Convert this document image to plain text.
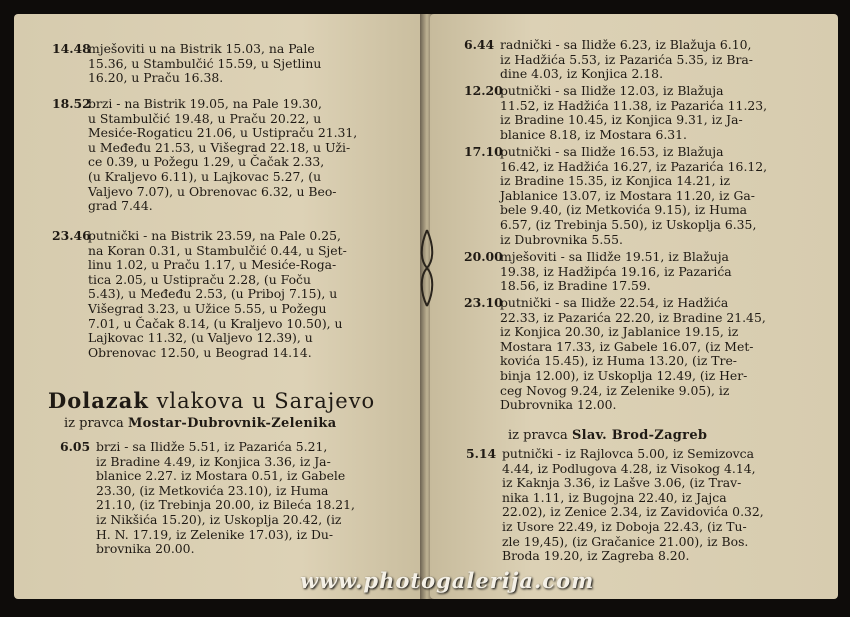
14.48
mješoviti u na Bistrik 15.03, na Pale
15.36, u Stambulčić 15.59, u Sjetlinu
16.20, u Praču 16.38.
18.52
brzi - na Bistrik 19.05, na Pale 19.30,
u Stambulčić 19.48, u Praču 20.22, u
Mesiće-Rogaticu 21.06, u Ustipraču 21.31,
u Međeđu 21.53, u Višegrad 22.18, u Uži-
ce 0.39, u Požegu 1.29, u Čačak 2.33,
(u Kraljevo 6.11), u Lajkovac 5.27, (u
Valjevo 7.07), u Obrenovac 6.32, u Beo-
grad 7.44.
23.46
putnički - na Bistrik 23.59, na Pale 0.25,
na Koran 0.31, u Stambulčić 0.44, u Sjet-
linu 1.02, u Praču 1.17, u Mesiće-Roga-
tica 2.05, u Ustipraču 2.28, (u Foču
5.43), u Međeđu 2.53, (u Priboj 7.15), u
Višegrad 3.23, u Užice 5.55, u Požegu
7.01, u Čačak 8.14, (u Kraljevo 10.50), u
Lajkovac 11.32, (u Valjevo 12.39), u
Obrenovac 12.50, u Beograd 14.14.
Dolazak vlakova u Sarajevo
iz pravca Mostar-Dubrovnik-Zelenika
6.05 brzi - sa Ilidže 5.51, iz Pazarića 5.21,
iz Bradine 4.49, iz Konjica 3.36, iz Ja-
blanice 2.27. iz Mostara 0.51, iz Gabele
23.30, (iz Metkovića 23.10), iz Huma
21.10, (iz Trebinja 20.00, iz Bileća 18.21,
iz Nikšića 15.20), iz Uskoplja 20.42, (iz
H. N. 17.19, iz Zelenike 17.03), iz Du-
brovnika 20.00.
6.44 radnički - sa Ilidže 6.23, iz Blažuja 6.10,
iz Hadžića 5.53, iz Pazarića 5.35, iz Bra-
dine 4.03, iz Konjica 2.18.
12.20
putnički - sa Ilidže 12.03, iz Blažuja
11.52, iz Hadžića 11.38, iz Pazarića 11.23,
iz Bradine 10.45, iz Konjica 9.31, iz Ja-
blanice 8.18, iz Mostara 6.31.
17.10
putnički - sa Ilidže 16.53, iz Blažuja
16.42, iz Hadžića 16.27, iz Pazarića 16.12,
iz Bradine 15.35, iz Konjica 14.21, iz
Jablanice 13.07, iz Mostara 11.20, iz Ga-
bele 9.40, (iz Metkovića 9.15), iz Huma
6.57, (iz Trebinja 5.50), iz Uskoplja 6.35,
iz Dubrovnika 5.55.
20.00
mješoviti - sa Ilidže 19.51, iz Blažuja
19.38, iz Hadžipća 19.16, iz Pazarića
18.56, iz Bradine 17.59.
23.10
putnički - sa Ilidže 22.54, iz Hadžića
22.33, iz Pazarića 22.20, iz Bradine 21.45,
iz Konjica 20.30, iz Jablanice 19.15, iz
Mostara 17.33, iz Gabele 16.07, (iz Met-
kovića 15.45), iz Huma 13.20, (iz Tre-
binja 12.00), iz Uskoplja 12.49, (iz Her-
ceg Novog 9.24, iz Zelenike 9.05), iz
Dubrovnika 12.00.
iz pravca Slav. Brod-Zagreb
5.14 putnički - iz Rajlovca 5.00, iz Semizovca
4.44, iz Podlugova 4.28, iz Visokog 4.14,
iz Kaknja 3.36, iz Lašve 3.06, (iz Trav-
nika 1.11, iz Bugojna 22.40, iz Jajca
22.02), iz Zenice 2.34, iz Zavidovića 0.32,
iz Usore 22.49, iz Doboja 22.43, (iz Tu-
zle 19,45), (iz Gračanice 21.00), iz Bos.
Broda 19.20, iz Zagreba 8.20.
www.photogalerija.com
